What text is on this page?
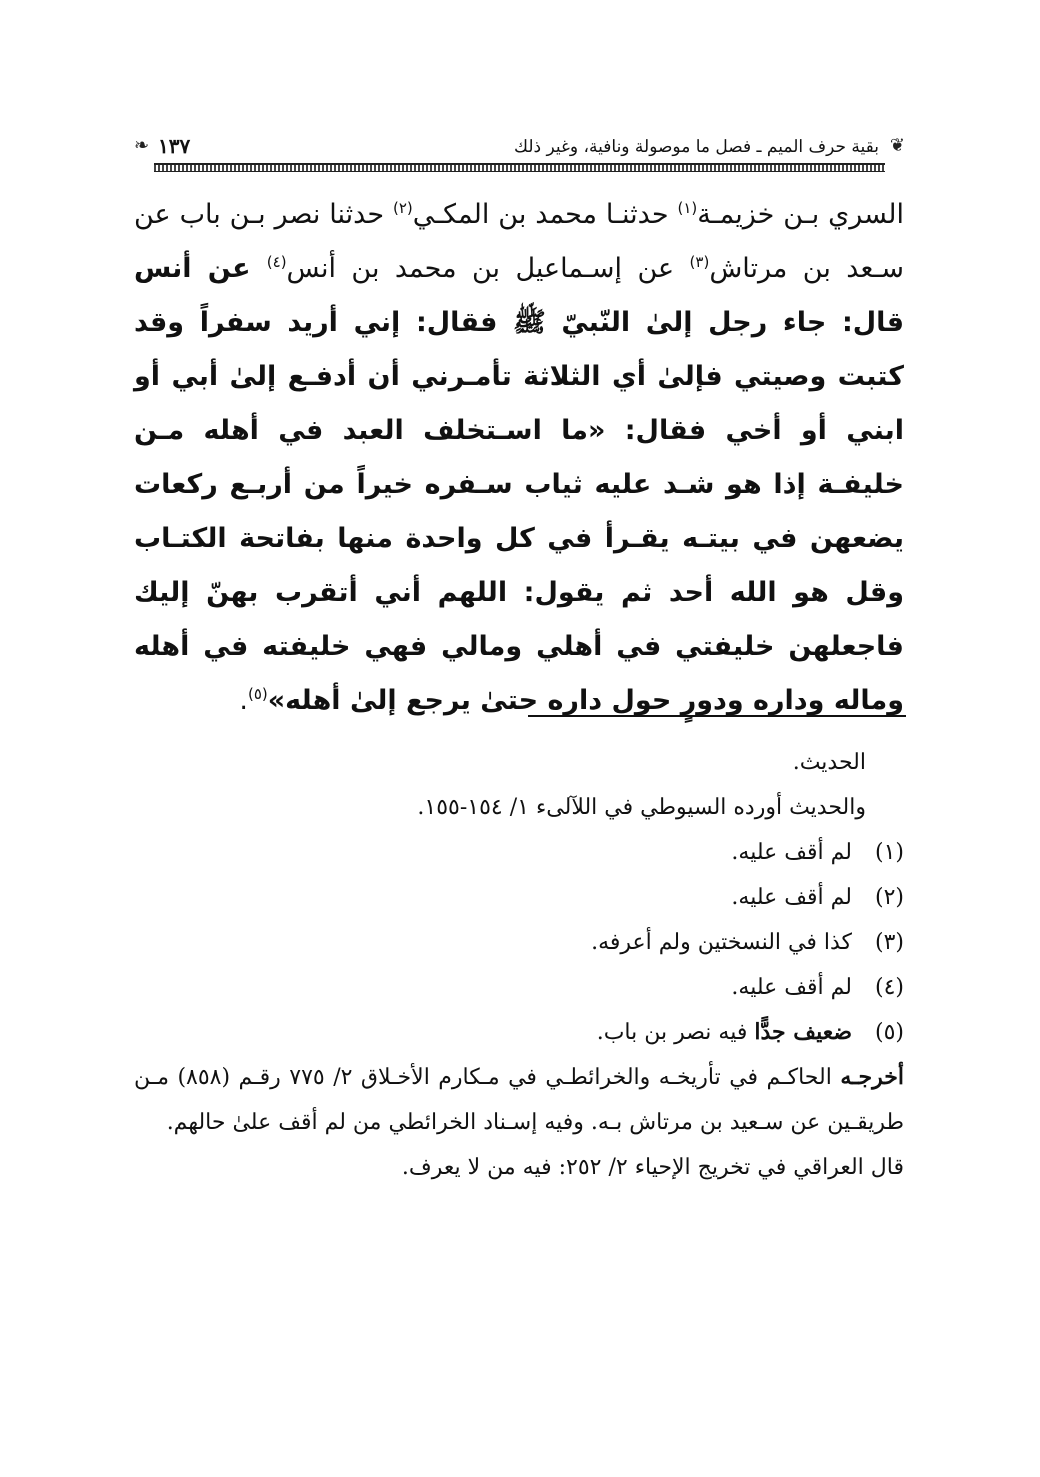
❦
بقية حرف الميم ـ فصل ما موصولة ونافية، وغير ذلك
١٣٧
❧

السري بـن خزيمـة$^{(١)}$ حدثنـا محمد بن المكـي$^{(٢)}$ حدثنا نصر بـن باب عن سـعد بن مرتاش$^{(٣)}$ عن إسـماعيل بن محمد بن أنس$^{(٤)}$ عن أنس قال: جاء رجل إلىٰ النّبيّ ﷺ فقال: إني أريد سفراً وقد كتبت وصيتي فإلىٰ أي الثلاثة تأمـرني أن أدفـع إلىٰ أبي أو ابني أو أخي فقال: «ما اسـتخلف العبد في أهله مـن خليفـة إذا هو شـد عليه ثياب سـفره خيراً من أربـع ركعات يضعهن في بيتـه يقـرأ في كل واحدة منها بفاتحة الكتـاب وقل هو الله أحد ثم يقول: اللهم أني أتقرب بهنّ إليك فاجعلهن خليفتي في أهلي ومالي فهي خليفته في أهله وماله وداره ودورٍ حول داره حتىٰ يرجع إلىٰ أهله»$^{(٥)}$.

الحديث.

والحديث أورده السيوطي في اللآلىء ١/ ١٥٤-١٥٥.

(١)

لم أقف عليه.

(٢)

لم أقف عليه.

(٣)

كذا في النسختين ولم أعرفه.

(٤)

لم أقف عليه.

(٥)

ضعيف جدًّا فيه نصر بن باب.

أخرجـه الحاكـم في تأريخـه والخرائطـي في مـكارم الأخـلاق ٢/ ٧٧٥ رقـم (٨٥٨) مـن طريقـين عن سـعيد بن مرتاش بـه. وفيه إسـناد الخرائطي من لم أقف علىٰ حالهم.

قال العراقي في تخريج الإحياء ٢/ ٢٥٢: فيه من لا يعرف.
